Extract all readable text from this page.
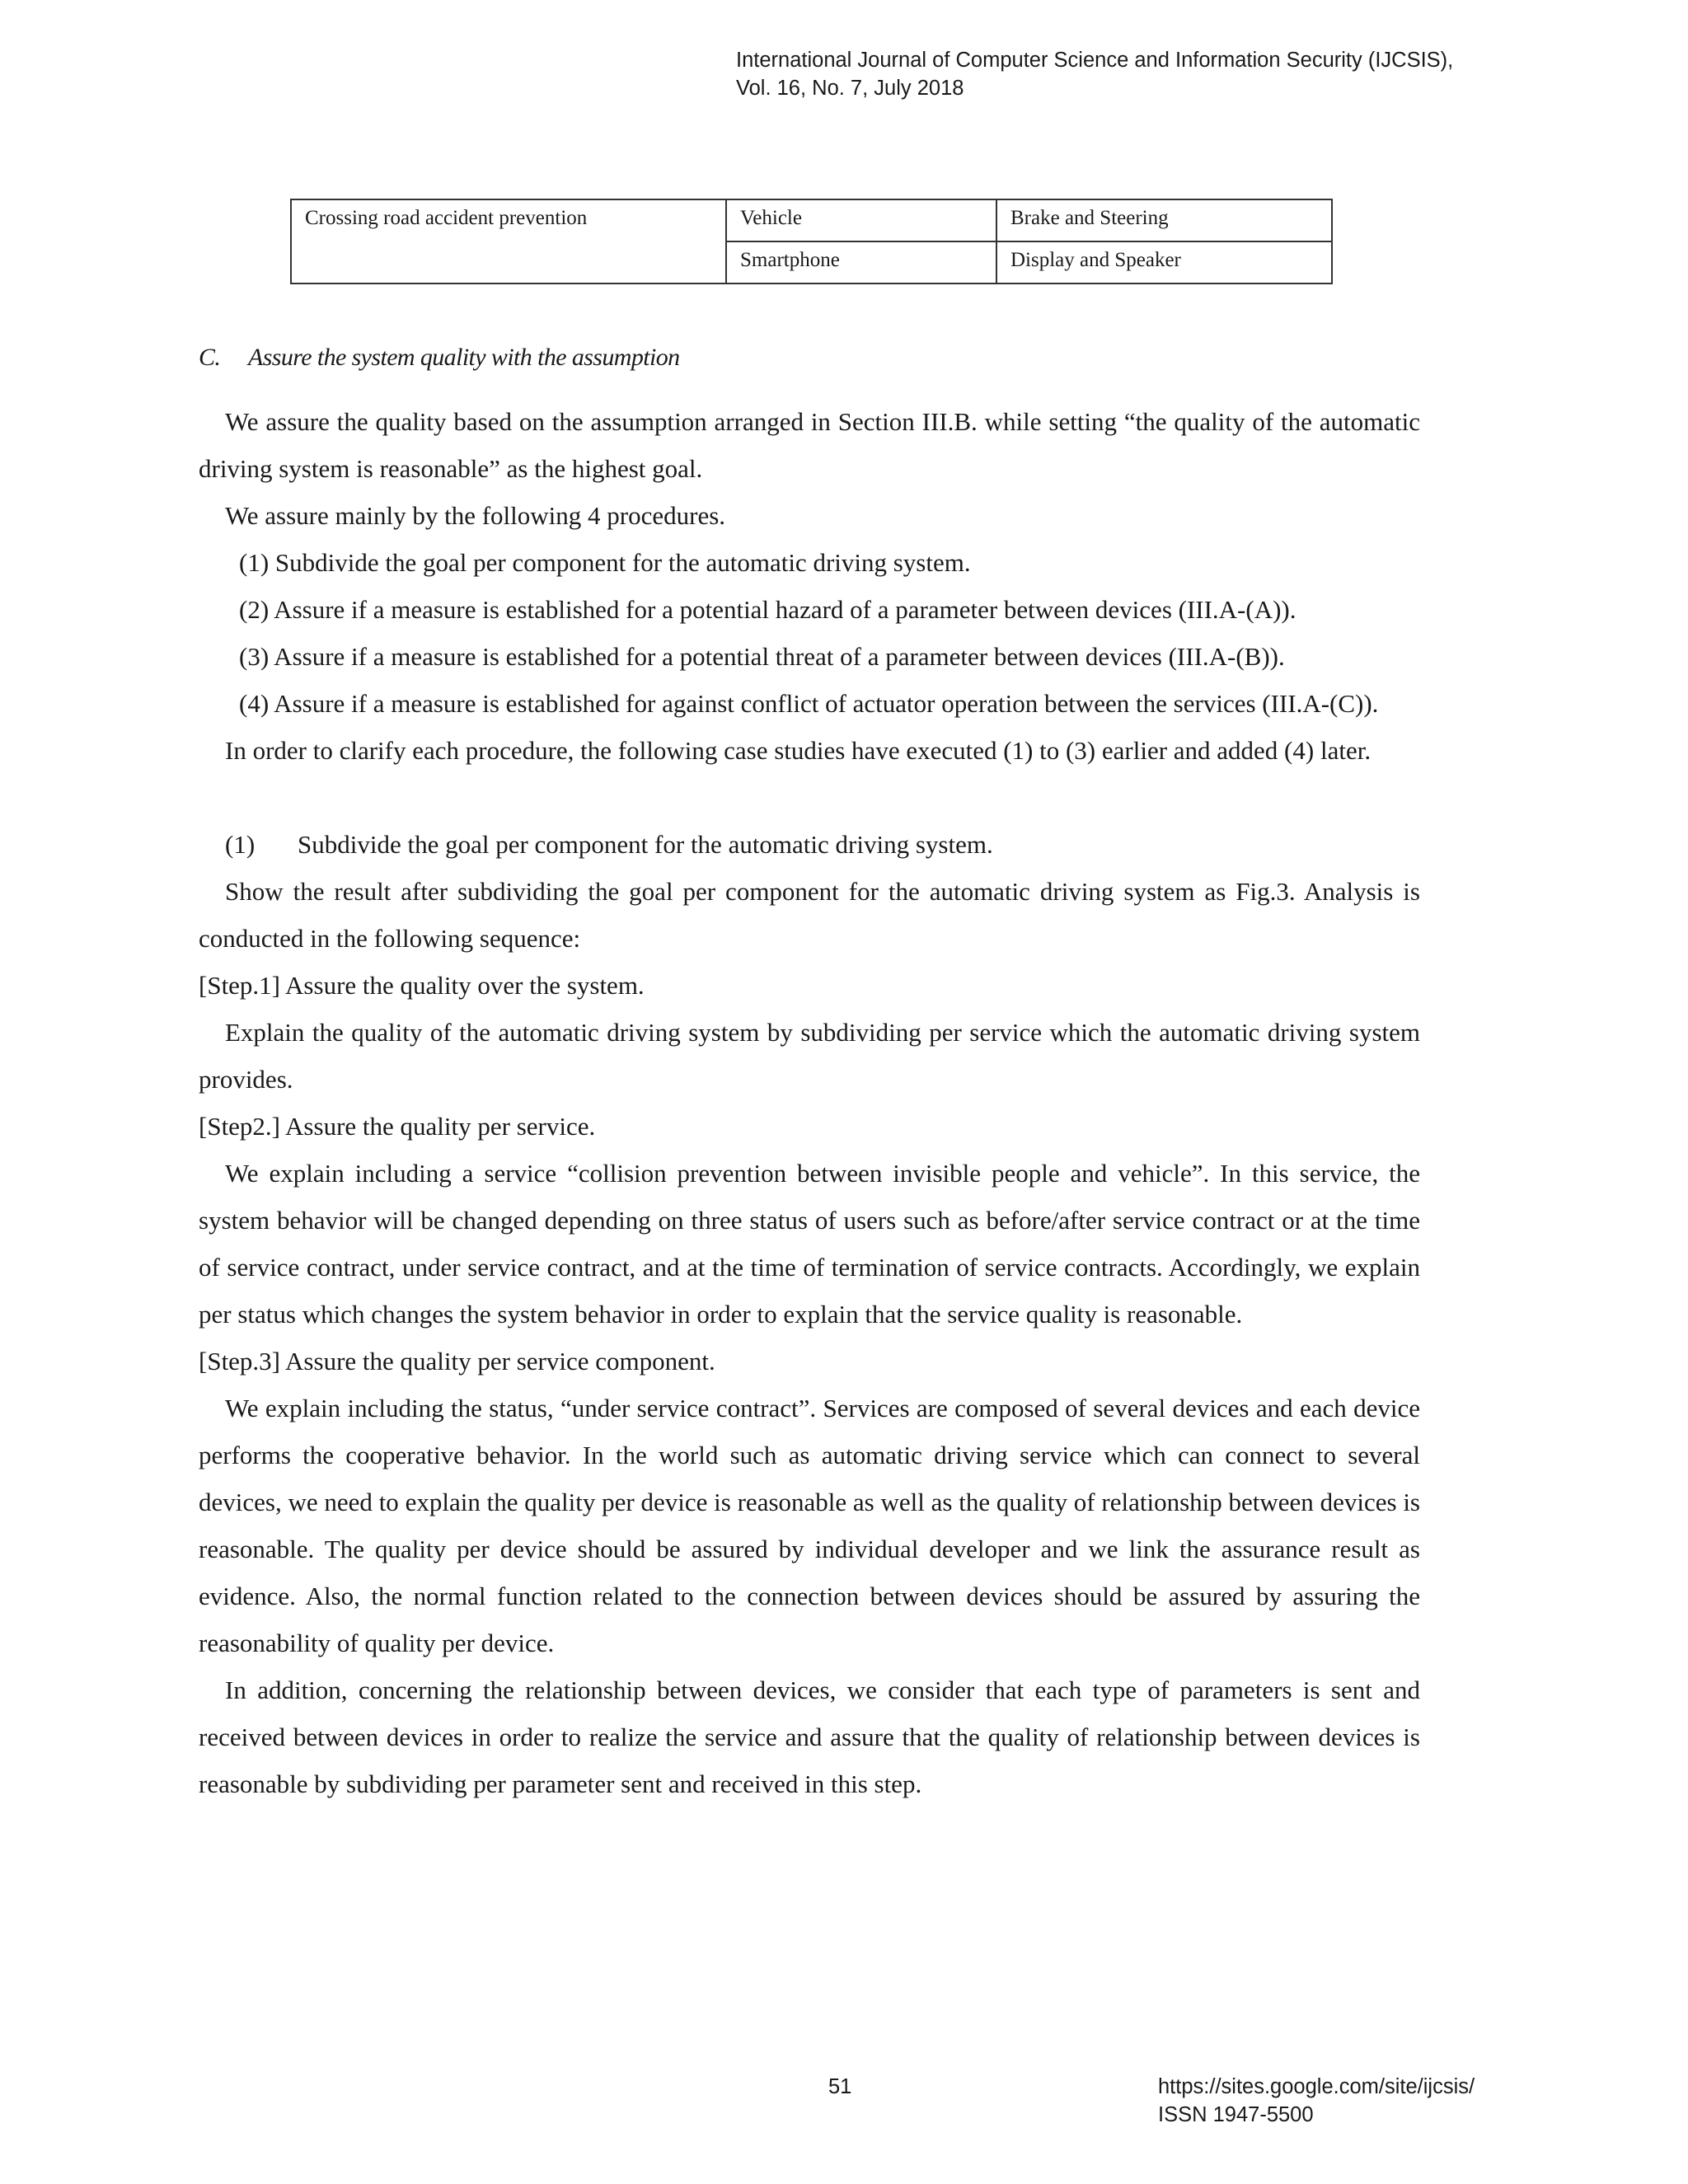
International Journal of Computer Science and Information Security (IJCSIS),
Vol. 16, No. 7, July 2018
Crossing road accident prevention	Vehicle	Brake and Steering
	Smartphone	Display and Speaker
C. Assure the system quality with the assumption

We assure the quality based on the assumption arranged in Section III.B. while setting “the quality of the automatic driving system is reasonable” as the highest goal.

We assure mainly by the following 4 procedures.

(1) Subdivide the goal per component for the automatic driving system.

(2) Assure if a measure is established for a potential hazard of a parameter between devices (III.A-(A)).

(3) Assure if a measure is established for a potential threat of a parameter between devices (III.A-(B)).

(4) Assure if a measure is established for against conflict of actuator operation between the services (III.A-(C)).

In order to clarify each procedure, the following case studies have executed (1) to (3) earlier and added (4) later.

(1) Subdivide the goal per component for the automatic driving system.

Show the result after subdividing the goal per component for the automatic driving system as Fig.3. Analysis is conducted in the following sequence:

[Step.1] Assure the quality over the system.

Explain the quality of the automatic driving system by subdividing per service which the automatic driving system provides.

[Step2.] Assure the quality per service.

We explain including a service “collision prevention between invisible people and vehicle”. In this service, the system behavior will be changed depending on three status of users such as before/after service contract or at the time of service contract, under service contract, and at the time of termination of service contracts. Accordingly, we explain per status which changes the system behavior in order to explain that the service quality is reasonable.

[Step.3] Assure the quality per service component.

We explain including the status, “under service contract”. Services are composed of several devices and each device performs the cooperative behavior. In the world such as automatic driving service which can connect to several devices, we need to explain the quality per device is reasonable as well as the quality of relationship between devices is reasonable. The quality per device should be assured by individual developer and we link the assurance result as evidence. Also, the normal function related to the connection between devices should be assured by assuring the reasonability of quality per device.

In addition, concerning the relationship between devices, we consider that each type of parameters is sent and received between devices in order to realize the service and assure that the quality of relationship between devices is reasonable by subdividing per parameter sent and received in this step.

51	https://sites.google.com/site/ijcsis/
ISSN 1947-5500
